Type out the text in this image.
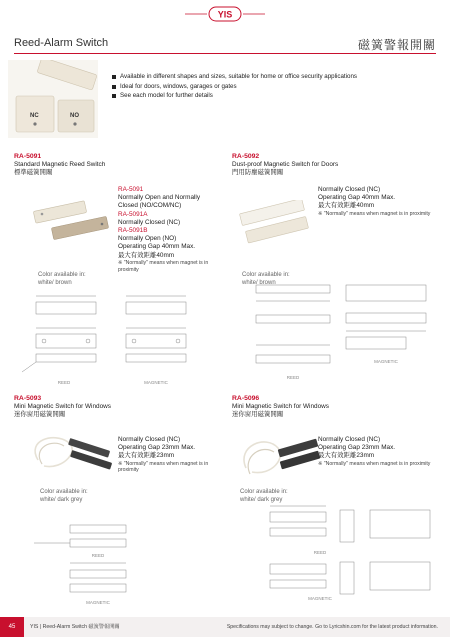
YIS
Reed-Alarm Switch	磁簧警報開關
NC	NO
Available in different shapes and sizes, suitable for home or office security applications
Ideal for doors, windows, garages or gates
See each model for further details
RA-5091
Standard Magnetic Reed Switch
標準磁簧開關
Color available in:
white/ brown
RA-5091
Normally Open and Normally
Closed (NO/COM/NC)
RA-5091A
Normally Closed (NC)
RA-5091B
Normally Open (NO)
Operating Gap 40mm Max.
最大有效距離40mm
※ "Normally" means when magnet is in proximity
REED	MAGNETIC
RA-5092
Dust-proof Magnetic Switch for Doors
門用防塵磁簧開關
Color available in:
white/ brown
Normally Closed (NC)
Operating Gap 40mm Max.
最大有效距離40mm
※ "Normally" means when magnet is in proximity
MAGNETIC
REED
RA-5093
Mini Magnetic Switch for Windows
迷你窗用磁簧開關
Color available in:
white/ dark grey
Normally Closed (NC)
Operating Gap 23mm Max.
最大有效距離23mm
※ "Normally" means when magnet is in proximity
REED
MAGNETIC
RA-5096
Mini Magnetic Switch for Windows
迷你窗用磁簧開關
Color available in:
white/ dark grey
Normally Closed (NC)
Operating Gap 23mm Max.
最大有效距離23mm
※ "Normally" means when magnet is in proximity
REED
MAGNETIC
45	YIS | Reed-Alarm Switch 磁簧警報開關	Specifications may subject to change. Go to Lyricshin.com for the latest product information.
